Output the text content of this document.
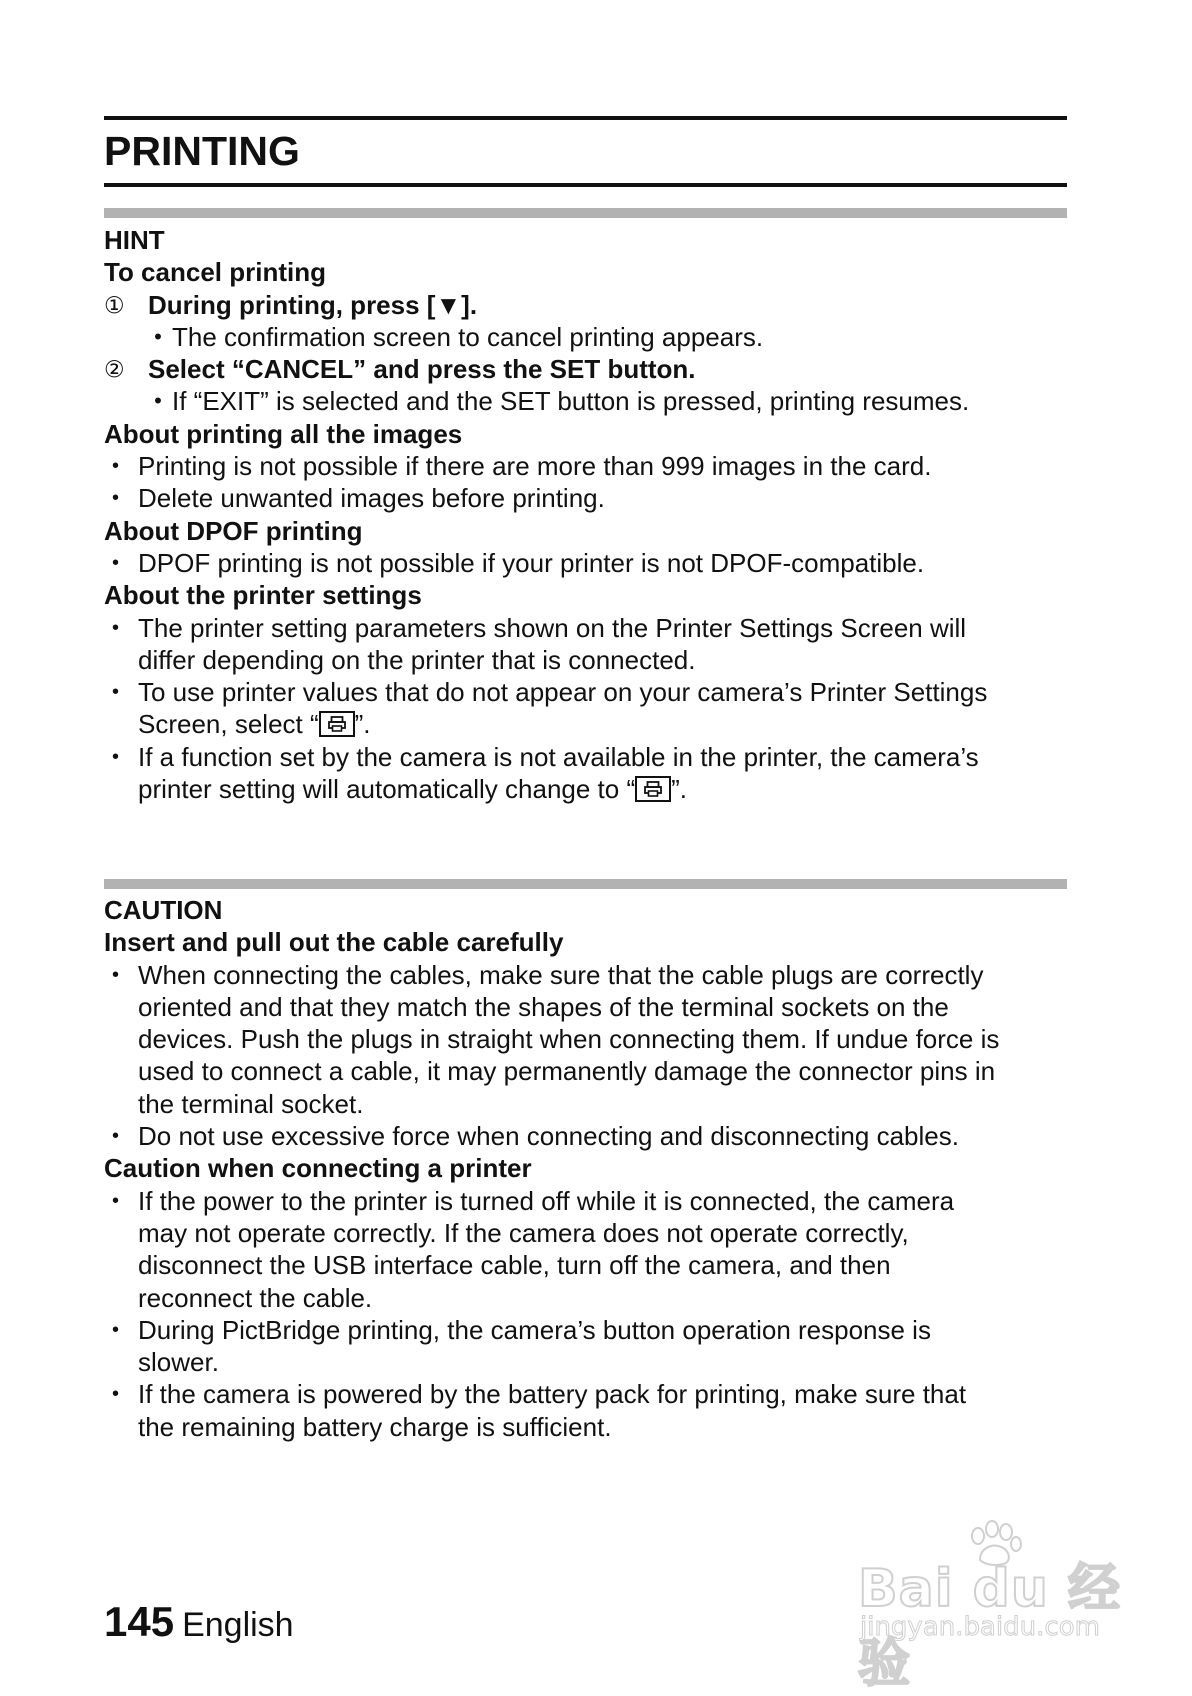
PRINTING
HINT
To cancel printing
① During printing, press [▼].
• The confirmation screen to cancel printing appears.
② Select “CANCEL” and press the SET button.
• If “EXIT” is selected and the SET button is pressed, printing resumes.
About printing all the images
• Printing is not possible if there are more than 999 images in the card.
• Delete unwanted images before printing.
About DPOF printing
• DPOF printing is not possible if your printer is not DPOF-compatible.
About the printer settings
• The printer setting parameters shown on the Printer Settings Screen will
differ depending on the printer that is connected.
• To use printer values that do not appear on your camera’s Printer Settings
Screen, select “ ”.
• If a function set by the camera is not available in the printer, the camera’s
printer setting will automatically change to “ ”.
CAUTION
Insert and pull out the cable carefully
• When connecting the cables, make sure that the cable plugs are correctly
oriented and that they match the shapes of the terminal sockets on the
devices. Push the plugs in straight when connecting them. If undue force is
used to connect a cable, it may permanently damage the connector pins in
the terminal socket.
• Do not use excessive force when connecting and disconnecting cables.
Caution when connecting a printer
• If the power to the printer is turned off while it is connected, the camera
may not operate correctly. If the camera does not operate correctly,
disconnect the USB interface cable, turn off the camera, and then
reconnect the cable.
• During PictBridge printing, the camera’s button operation response is
slower.
• If the camera is powered by the battery pack for printing, make sure that
the remaining battery charge is sufficient.
145 English
Bai du 经验
jingyan.baidu.com
